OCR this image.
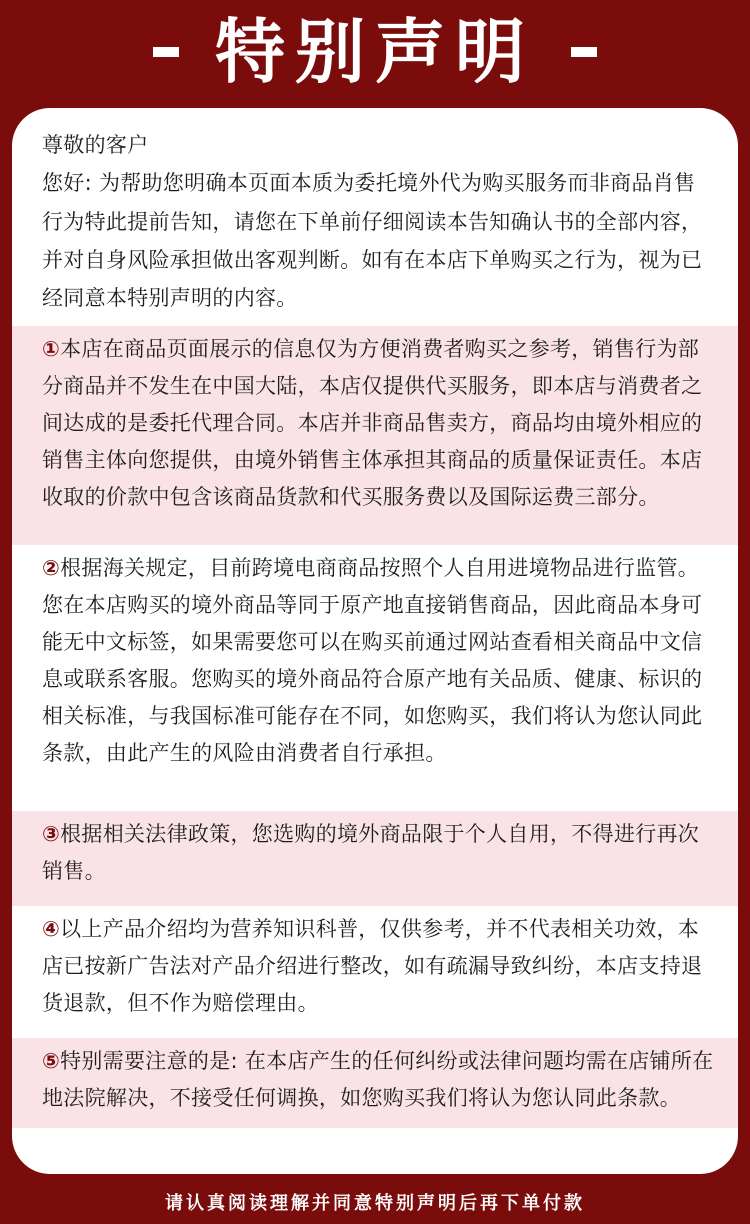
特别声明

尊敬的客户

您好: 为帮助您明确本页面本质为委托境外代为购买服务而非商品肖售

行为特此提前告知，请您在下单前仔细阅读本告知确认书的全部内容，

并对自身风险承担做出客观判断。如有在本店下单购买之行为，视为已

经同意本特别声明的内容。

①本店在商品页面展示的信息仅为方便消费者购买之参考，销售行为部

分商品并不发生在中国大陆，本店仅提供代买服务，即本店与消费者之

间达成的是委托代理合同。本店并非商品售卖方，商品均由境外相应的

销售主体向您提供，由境外销售主体承担其商品的质量保证责任。本店

收取的价款中包含该商品货款和代买服务费以及国际运费三部分。

②根据海关规定，目前跨境电商商品按照个人自用进境物品进行监管。

您在本店购买的境外商品等同于原产地直接销售商品，因此商品本身可

能无中文标签，如果需要您可以在购买前通过网站查看相关商品中文信

息或联系客服。您购买的境外商品符合原产地有关品质、健康、标识的

相关标准，与我国标准可能存在不同，如您购买，我们将认为您认同此

条款，由此产生的风险由消费者自行承担。

③根据相关法律政策，您选购的境外商品限于个人自用，不得进行再次

销售。

④以上产品介绍均为营养知识科普，仅供参考，并不代表相关功效，本

店已按新广告法对产品介绍进行整改，如有疏漏导致纠纷，本店支持退

货退款，但不作为赔偿理由。

⑤特别需要注意的是: 在本店产生的任何纠纷或法律问题均需在店铺所在

地法院解决，不接受任何调换，如您购买我们将认为您认同此条款。

请认真阅读理解并同意特别声明后再下单付款
